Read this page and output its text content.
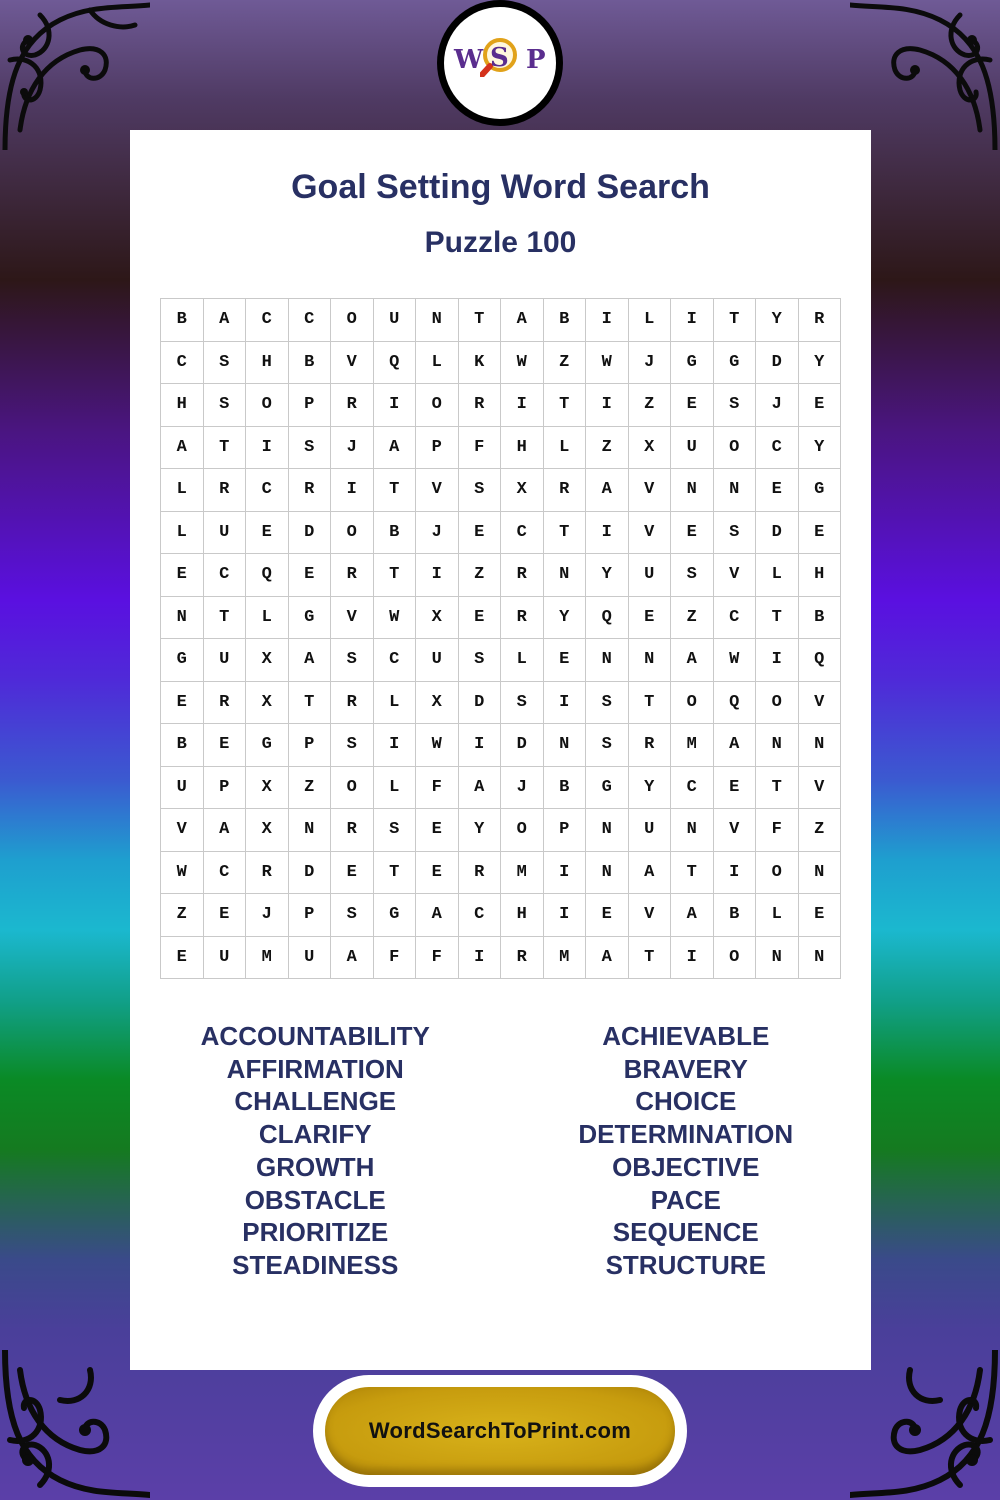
W S P
Goal Setting Word Search
Puzzle 100
B	A	C	C	O	U	N	T	A	B	I	L	I	T	Y	R
C	S	H	B	V	Q	L	K	W	Z	W	J	G	G	D	Y
H	S	O	P	R	I	O	R	I	T	I	Z	E	S	J	E
A	T	I	S	J	A	P	F	H	L	Z	X	U	O	C	Y
L	R	C	R	I	T	V	S	X	R	A	V	N	N	E	G
L	U	E	D	O	B	J	E	C	T	I	V	E	S	D	E
E	C	Q	E	R	T	I	Z	R	N	Y	U	S	V	L	H
N	T	L	G	V	W	X	E	R	Y	Q	E	Z	C	T	B
G	U	X	A	S	C	U	S	L	E	N	N	A	W	I	Q
E	R	X	T	R	L	X	D	S	I	S	T	O	Q	O	V
B	E	G	P	S	I	W	I	D	N	S	R	M	A	N	N
U	P	X	Z	O	L	F	A	J	B	G	Y	C	E	T	V
V	A	X	N	R	S	E	Y	O	P	N	U	N	V	F	Z
W	C	R	D	E	T	E	R	M	I	N	A	T	I	O	N
Z	E	J	P	S	G	A	C	H	I	E	V	A	B	L	E
E	U	M	U	A	F	F	I	R	M	A	T	I	O	N	N
ACCOUNTABILITY
AFFIRMATION
CHALLENGE
CLARIFY
GROWTH
OBSTACLE
PRIORITIZE
STEADINESS
ACHIEVABLE
BRAVERY
CHOICE
DETERMINATION
OBJECTIVE
PACE
SEQUENCE
STRUCTURE
WordSearchToPrint.com
